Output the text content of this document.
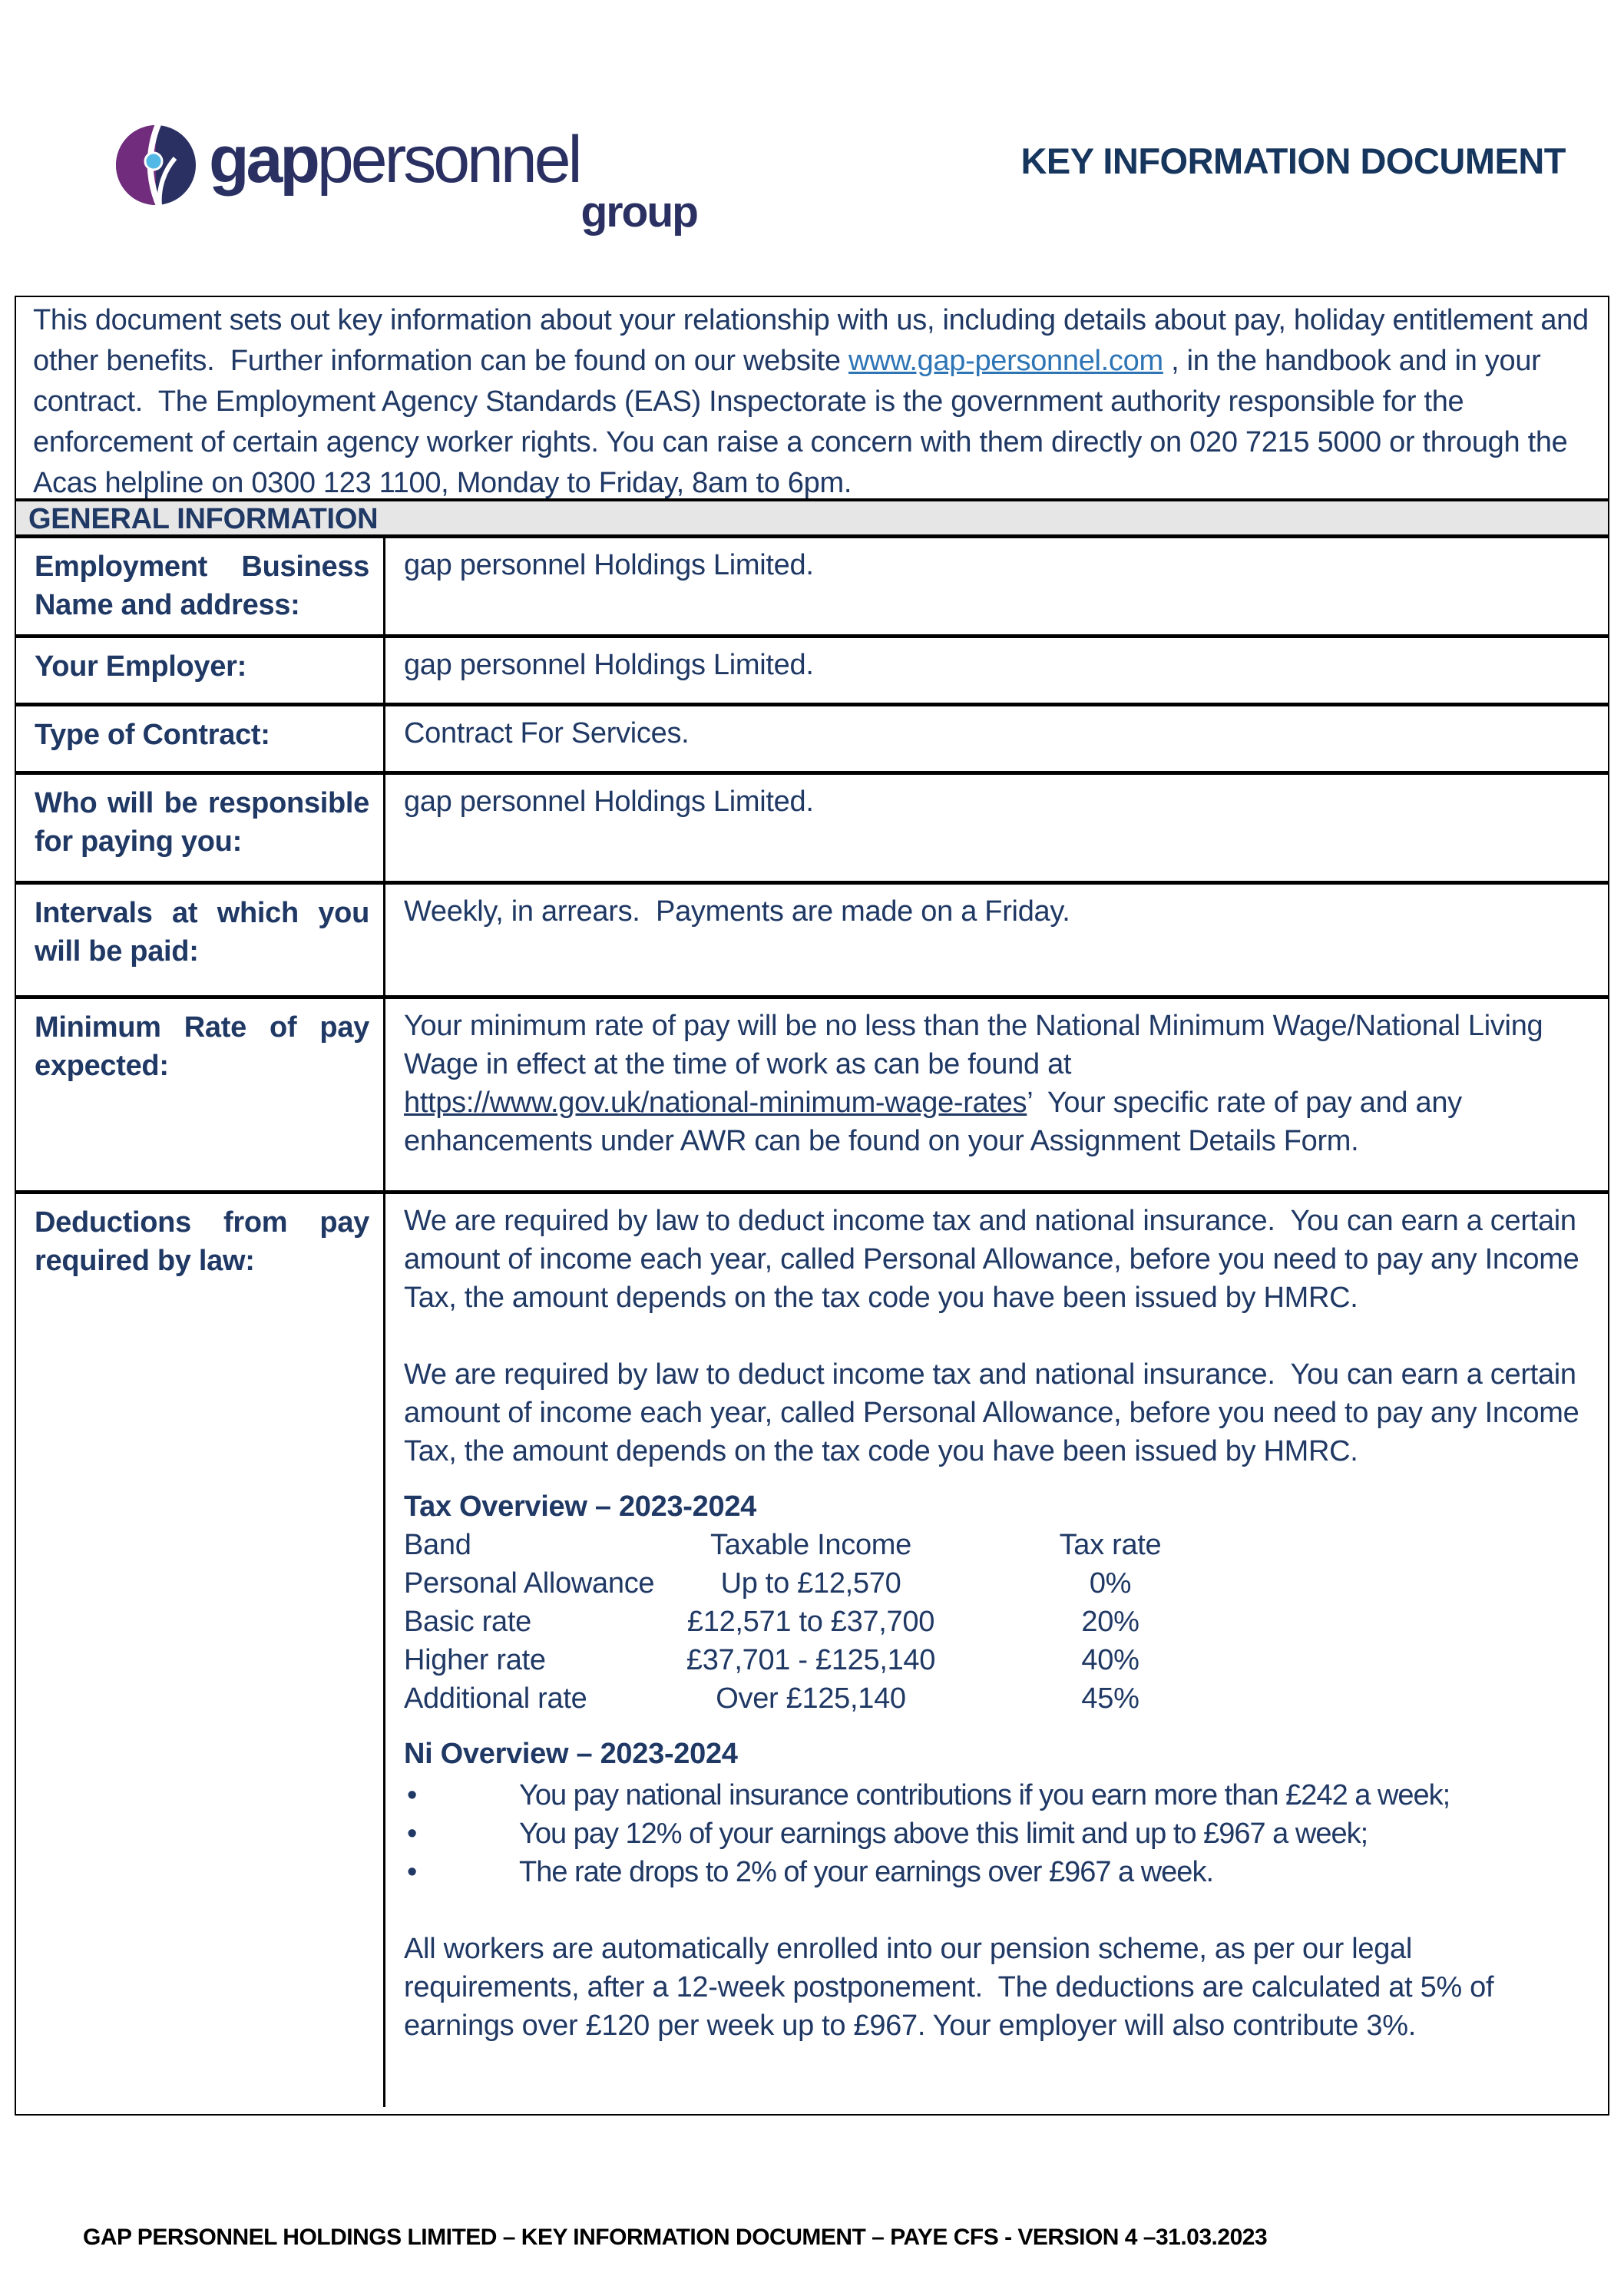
gappersonnel
group
KEY INFORMATION DOCUMENT
This document sets out key information about your relationship with us, including details about pay, holiday entitlement and other benefits.  Further information can be found on our website www.gap-personnel.com , in the handbook and in your contract.  The Employment Agency Standards (EAS) Inspectorate is the government authority responsible for the enforcement of certain agency worker rights. You can raise a concern with them directly on 020 7215 5000 or through the Acas helpline on 0300 123 1100, Monday to Friday, 8am to 6pm.
GENERAL INFORMATION
Employment Business
Name and address:

gap personnel Holdings Limited.

Your Employer:	gap personnel Holdings Limited.

Type of Contract:	Contract For Services.

Who will be responsible
for paying you:

gap personnel Holdings Limited.

Intervals at which you
will be paid:

Weekly, in arrears.  Payments are made on a Friday.

Minimum Rate of pay
expected:

Your minimum rate of pay will be no less than the National Minimum Wage/National Living Wage in effect at the time of work as can be found at https://www.gov.uk/national-minimum-wage-rates’  Your specific rate of pay and any enhancements under AWR can be found on your Assignment Details Form.

Deductions from pay
required by law:

We are required by law to deduct income tax and national insurance.  You can earn a certain amount of income each year, called Personal Allowance, before you need to pay any Income Tax, the amount depends on the tax code you have been issued by HMRC.

We are required by law to deduct income tax and national insurance.  You can earn a certain amount of income each year, called Personal Allowance, before you need to pay any Income Tax, the amount depends on the tax code you have been issued by HMRC.

Tax Overview – 2023-2024
Band	Taxable Income	Tax rate
Personal Allowance	Up to £12,570	0%
Basic rate	£12,571 to £37,700	20%
Higher rate	£37,701 - £125,140	40%
Additional rate	Over £125,140	45%
Ni Overview – 2023-2024
•	You pay national insurance contributions if you earn more than £242 a week;
•	You pay 12% of your earnings above this limit and up to £967 a week;
•	The rate drops to 2% of your earnings over £967 a week.

All workers are automatically enrolled into our pension scheme, as per our legal requirements, after a 12-week postponement.  The deductions are calculated at 5% of earnings over £120 per week up to £967. Your employer will also contribute 3%.

GAP PERSONNEL HOLDINGS LIMITED – KEY INFORMATION DOCUMENT – PAYE CFS - VERSION 4 –31.03.2023
